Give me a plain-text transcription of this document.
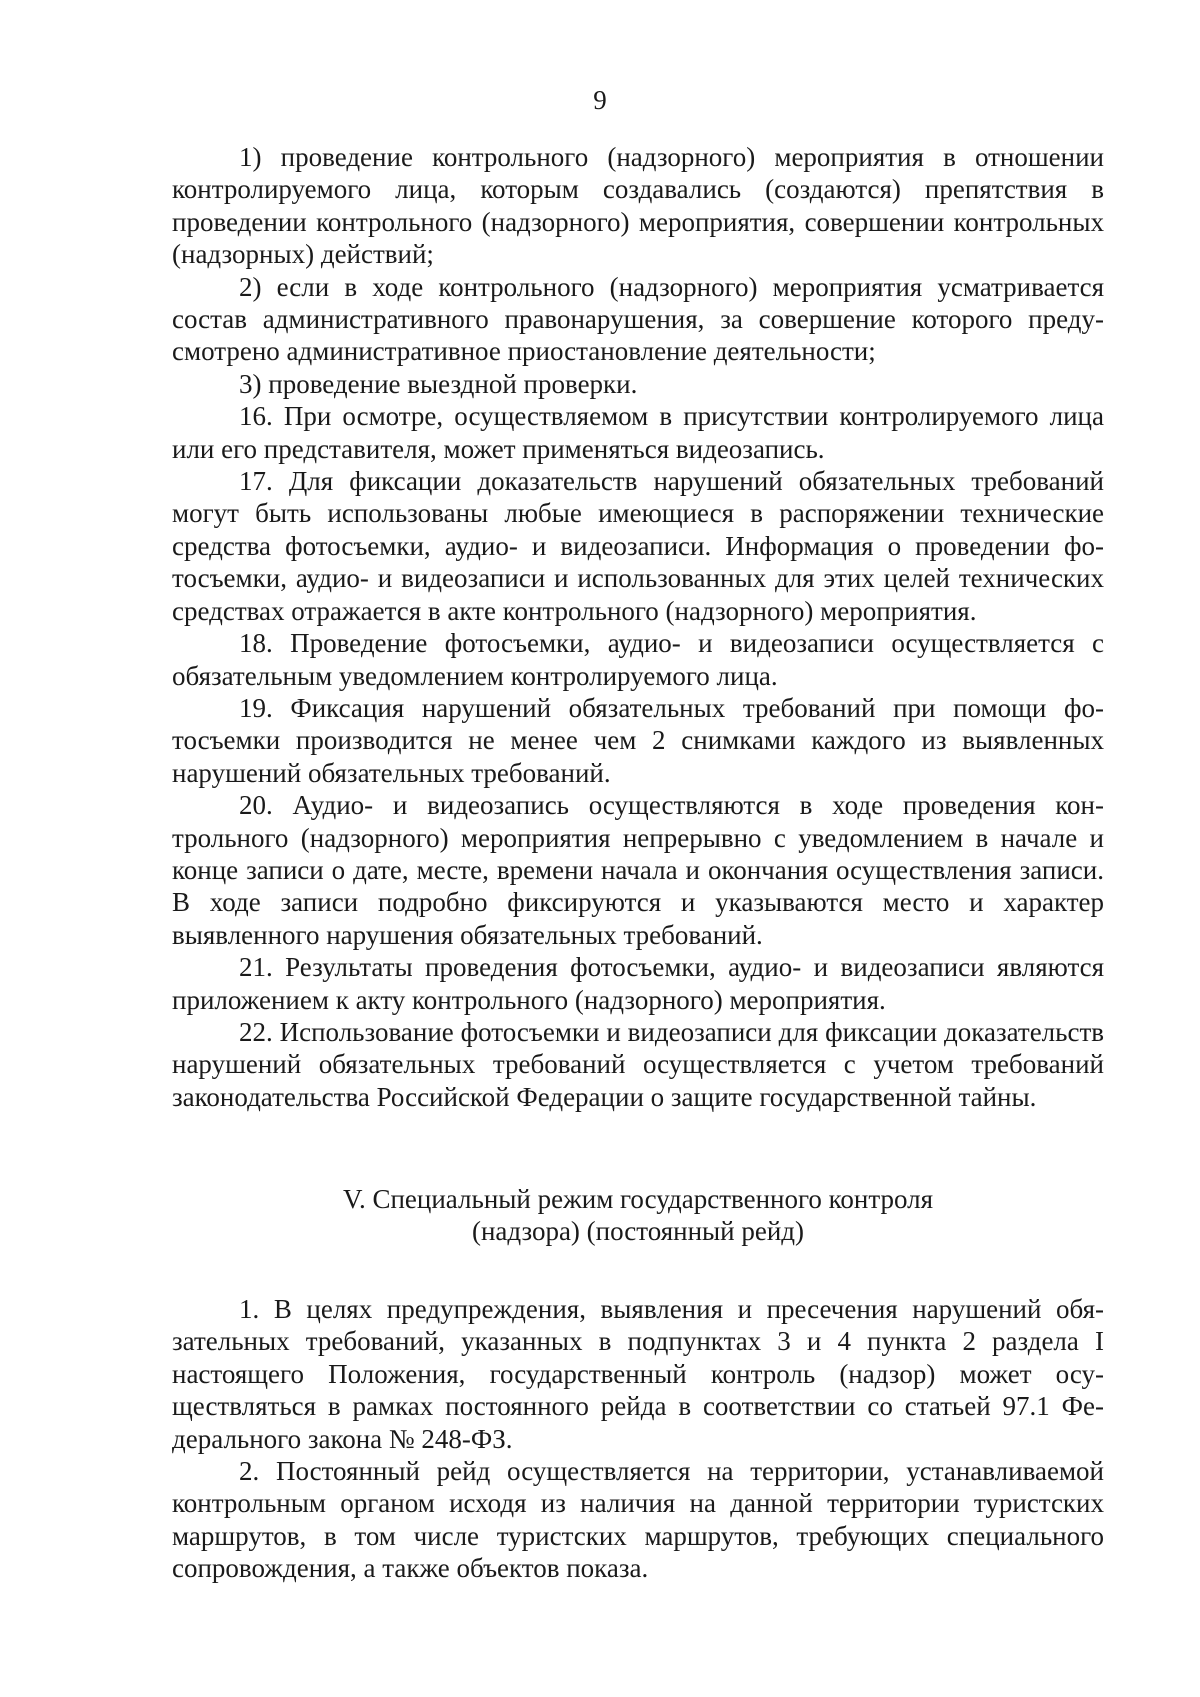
9

1) проведение контрольного (надзорного) мероприятия в отношении контролируемого лица, которым создавались (создаются) препятствия в проведении контрольного (надзорного) мероприятия, совершении контрольных (надзорных) действий;

2) если в ходе контрольного (надзорного) мероприятия усматривается состав административного правонарушения, за совершение которого предусмотрено административное приостановление деятельности;

3) проведение выездной проверки.

16. При осмотре, осуществляемом в присутствии контролируемого лица или его представителя, может применяться видеозапись.

17. Для фиксации доказательств нарушений обязательных требований могут быть использованы любые имеющиеся в распоряжении технические средства фотосъемки, аудио- и видеозаписи. Информация о проведении фотосъемки, аудио- и видеозаписи и использованных для этих целей технических средствах отражается в акте контрольного (надзорного) мероприятия.

18. Проведение фотосъемки, аудио- и видеозаписи осуществляется с обязательным уведомлением контролируемого лица.

19. Фиксация нарушений обязательных требований при помощи фотосъемки производится не менее чем 2 снимками каждого из выявленных нарушений обязательных требований.

20. Аудио- и видеозапись осуществляются в ходе проведения контрольного (надзорного) мероприятия непрерывно с уведомлением в начале и конце записи о дате, месте, времени начала и окончания осуществления записи. В ходе записи подробно фиксируются и указываются место и характер выявленного нарушения обязательных требований.

21. Результаты проведения фотосъемки, аудио- и видеозаписи являются приложением к акту контрольного (надзорного) мероприятия.

22. Использование фотосъемки и видеозаписи для фиксации доказательств нарушений обязательных требований осуществляется с учетом требований законодательства Российской Федерации о защите государственной тайны.

V. Специальный режим государственного контроля

(надзора) (постоянный рейд)

1. В целях предупреждения, выявления и пресечения нарушений обязательных требований, указанных в подпунктах 3 и 4 пункта 2 раздела I настоящего Положения, государственный контроль (надзор) может осуществляться в рамках постоянного рейда в соответствии со статьей 97.1 Федерального закона № 248-ФЗ.

2. Постоянный рейд осуществляется на территории, устанавливаемой контрольным органом исходя из наличия на данной территории туристских маршрутов, в том числе туристских маршрутов, требующих специального сопровождения, а также объектов показа.
